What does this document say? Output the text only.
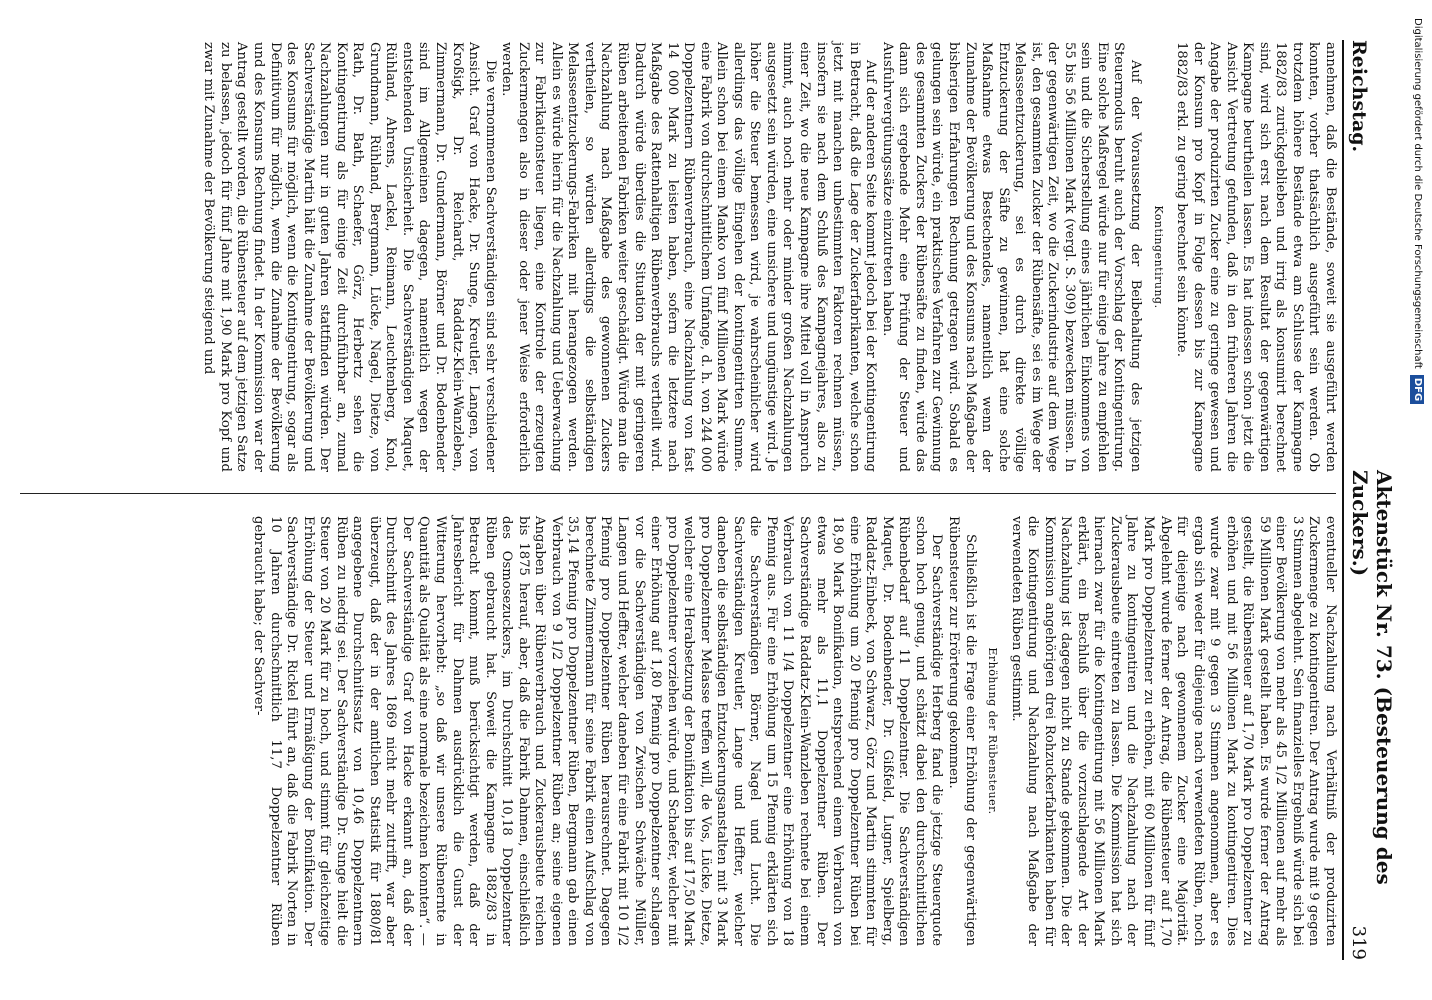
Reichstag.
Aktenstück Nr. 73. (Besteuerung des Zuckers.)
319

annehmen, daß die Bestände, soweit sie ausgeführt werden konnten, vorher thatsächlich ausgeführt sein werden. Ob trotzdem höhere Bestände etwa am Schlusse der Kampagne 1882/83 zurückgeblieben und irrig als konsumirt berechnet sind, wird sich erst nach dem Resultat der gegenwärtigen Kampagne beurtheilen lassen. Es hat indessen schon jetzt die Ansicht Vertretung gefunden, daß in den früheren Jahren die Angabe der produzirten Zucker eine zu geringe gewesen und der Konsum pro Kopf in Folge dessen bis zur Kampagne 1882/83 erkl. zu gering berechnet sein könnte.

Kontingentirung.

Auf der Voraussetzung der Beibehaltung des jetzigen Steuermodus beruht auch der Vorschlag der Kontingentirung. Eine solche Maßregel würde nur für einige Jahre zu empfehlen sein und die Sicherstellung eines jährlichen Einkommens von 55 bis 56 Millionen Mark (vergl. S. 309) bezwecken müssen. In der gegenwärtigen Zeit, wo die Zuckerindustrie auf dem Wege ist, den gesammten Zucker der Rübensäfte, sei es im Wege der Melasseentzuckerung, sei es durch direkte völlige Entzuckerung der Säfte zu gewinnen, hat eine solche Maßnahme etwas Bestechendes, namentlich wenn der Zunahme der Bevölkerung und des Konsums nach Maßgabe der bisherigen Erfahrungen Rechnung getragen wird. Sobald es gelungen sein würde, ein praktisches Verfahren zur Gewinnung des gesammten Zuckers der Rübensäfte zu finden, würde das dann sich ergebende Mehr eine Prüfung der Steuer und Ausfuhrvergütungssätze einzutreten haben.

Auf der anderen Seite kommt jedoch bei der Kontingentirung in Betracht, daß die Lage der Zuckerfabrikanten, welche schon jetzt mit manchen unbestimmten Faktoren rechnen müssen, insofern sie nach dem Schluß des Kampagnejahres, also zu einer Zeit, wo die neue Kampagne ihre Mittel voll in Anspruch nimmt, auch noch mehr oder minder großen Nachzahlungen ausgesetzt sein würden, eine unsichere und ungünstige wird. Je höher die Steuer bemessen wird, je wahrscheinlicher wird allerdings das völlige Eingehen der kontingentirten Summe. Allein schon bei einem Manko von fünf Millionen Mark würde eine Fabrik von durchschnittlichem Umfange, d. h. von 244 000 Doppelzentnern Rübenverbrauch, eine Nachzahlung von fast 14 000 Mark zu leisten haben, sofern die letztere nach Maßgabe des Rattenhaltigen Rübenverbrauchs vertheilt wird. Dadurch würde überdies die Situation der mit geringeren Rüben arbeitenden Fabriken weiter geschädigt. Würde man die Nachzahlung nach Maßgabe des gewonnenen Zuckers vertheilen, so würden allerdings die selbständigen Melasseentzuckerungs-Fabriken mit herangezogen werden. Allein es würde hierin für die Nachzahlung und Ueberwachung zur Fabrikationsteuer liegen, eine Kontrole der erzeugten Zuckermengen also in dieser oder jener Weise erforderlich werden.

Die vernommenen Sachverständigen sind sehr verschiedener Ansicht. Graf von Hacke, Dr. Sunge, Kreutler, Langen, von Kroßigk, Dr. Reichardt, Raddatz-Klein-Wanzleben, Zimmermann, Dr. Gundermann, Börner und Dr. Bodenbender sind im Allgemeinen dagegen, namentlich wegen der entstehenden Unsicherheit. Die Sachverständigen Maquet, Rühland, Ahrens, Lackel, Reimann, Leuchtenberg, Knol, Grundmann, Rühland, Bergmann, Lücke, Nagel, Dietze, von Rath, Dr. Bath, Schaefer, Görz, Herbertz sehen die Kontingentirung als für einige Zeit durchführbar an, zumal Nachzahlungen nur in guten Jahren stattfinden würden. Der Sachverständige Martin hält die Zunahme der Bevölkerung und des Konsums für möglich, wenn die Kontingentirung, sogar als Definitivum für möglich, wenn die Zunahme der Bevölkerung und des Konsums Rechnung findet. In der Kommission war der Antrag gestellt worden, die Rübensteuer auf dem jetzigen Satze zu belassen, jedoch für fünf Jahre mit 1,90 Mark pro Kopf und zwar mit Zunahme der Bevölkerung steigend und

eventueller Nachzahlung nach Verhältniß der produzirten Zuckermenge zu kontingentiren. Der Antrag wurde mit 9 gegen 3 Stimmen abgelehnt. Sein finanzielles Ergebniß würde sich bei einer Bevölkerung von mehr als 45 1/2 Millionen auf mehr als 59 Millionen Mark gestellt haben. Es wurde ferner der Antrag gestellt, die Rübensteuer auf 1,70 Mark pro Doppelzentner zu erhöhen und mit 56 Millionen Mark zu kontingentiren. Dies wurde zwar mit 9 gegen 3 Stimmen angenommen, aber es ergab sich weder für diejenige nach verwendeten Rüben, noch für diejenige nach gewonnenem Zucker eine Majorität. Abgelehnt wurde ferner der Antrag, die Rübensteuer auf 1,70 Mark pro Doppelzentner zu erhöhen, mit 60 Millionen für fünf Jahre zu kontingentiren und die Nachzahlung nach der Zuckerausbeute eintreten zu lassen. Die Kommission hat sich hiernach zwar für die Kontingentirung mit 56 Millionen Mark erklärt, ein Beschluß über die vorzuschlagende Art der Nachzahlung ist dagegen nicht zu Stande gekommen. Die der Kommission angehörigen drei Rohzuckerfabrikanten haben für die Kontingentirung und Nachzahlung nach Maßgabe der verwendeten Rüben gestimmt.

Erhöhung der Rübensteuer.

Schließlich ist die Frage einer Erhöhung der gegenwärtigen Rübensteuer zur Erörterung gekommen.

Der Sachverständige Herberg fand die jetzige Steuerquote schon hoch genug, und schätzt dabei den durchschnittlichen Rübenbedarf auf 11 Doppelzentner. Die Sachverständigen Maquet, Dr. Bodenbender, Dr. Gißfeld, Lugner, Spielberg, Raddatz-Einbeck, von Schwarz, Görz und Martin stimmten für eine Erhöhung um 20 Pfennig pro Doppelzentner Rüben bei 18,90 Mark Bonifikation, entsprechend einem Verbrauch von etwas mehr als 11,1 Doppelzentner Rüben. Der Sachverständige Raddatz-Klein-Wanzleben rechnete bei einem Verbrauch von 11 1/4 Doppelzentner eine Erhöhung von 18 Pfennig aus. Für eine Erhöhung um 15 Pfennig erklärten sich die Sachverständigen Börner, Nagel und Lucht. Die Sachverständigen Kreutler, Lange und Heffter, welcher daneben die selbständigen Entzuckerungsanstalten mit 3 Mark pro Doppelzentner Melasse treffen will, de Vos, Lücke, Dietze, welcher eine Herabsetzung der Bonifikation bis auf 17,50 Mark pro Doppelzentner vorziehen würde, und Schaefer, welcher mit einer Erhöhung auf 1,80 Pfennig pro Doppelzentner schlagen vor die Sachverständigen von Zwischen Schwäche Müller, Langen und Heffter, welcher daneben für eine Fabrik mit 10 1/2 Pfennig pro Doppelzentner Rüben herausrechnet. Dagegen berechnete Zimmermann für seine Fabrik einen Aufschlag von 35,14 Pfennig pro Doppelzentner Rüben, Bergmann gab einen Verbrauch von 9 1/2 Doppelzentner Rüben an; seine eigenen Angaben über Rübenverbrauch und Zuckerausbeute reichen bis 1875 herauf, aber, daß die Fabrik Dahmen, einschließlich des Osmosezuckers, im Durchschnitt 10,18 Doppelzentner Rüben gebraucht hat. Soweit die Kampagne 1882/83 in Betracht kommt, muß berücksichtigt werden, daß der Jahresbericht für Dahmen ausdrücklich die Gunst der Witterung hervorhebt: „so daß wir unsere Rübenernte in Quantität als Qualität als eine normale bezeichnen konnten“. — Der Sachverständige Graf von Hacke erkannt an, daß der Durchschnitt des Jahres 1869 nicht mehr zutrifft, war aber überzeugt, daß der in der amtlichen Statistik für 1880/81 angegebene Durchschnittssatz von 10,46 Doppelzentnern Rüben zu niedrig sei. Der Sachverständige Dr. Sunge hielt die Steuer von 20 Mark für zu hoch, und stimmt für gleichzeitige Erhöhung der Steuer und Ermäßigung der Bonifikation. Der Sachverständige Dr. Rickel führt an, daß die Fabrik Norten in 10 Jahren durchschnittlich 11,7 Doppelzentner Rüben gebraucht habe; der Sachver-

Digitalisierung gefördert durch die Deutsche ForschungsgemeinschaftDFG
